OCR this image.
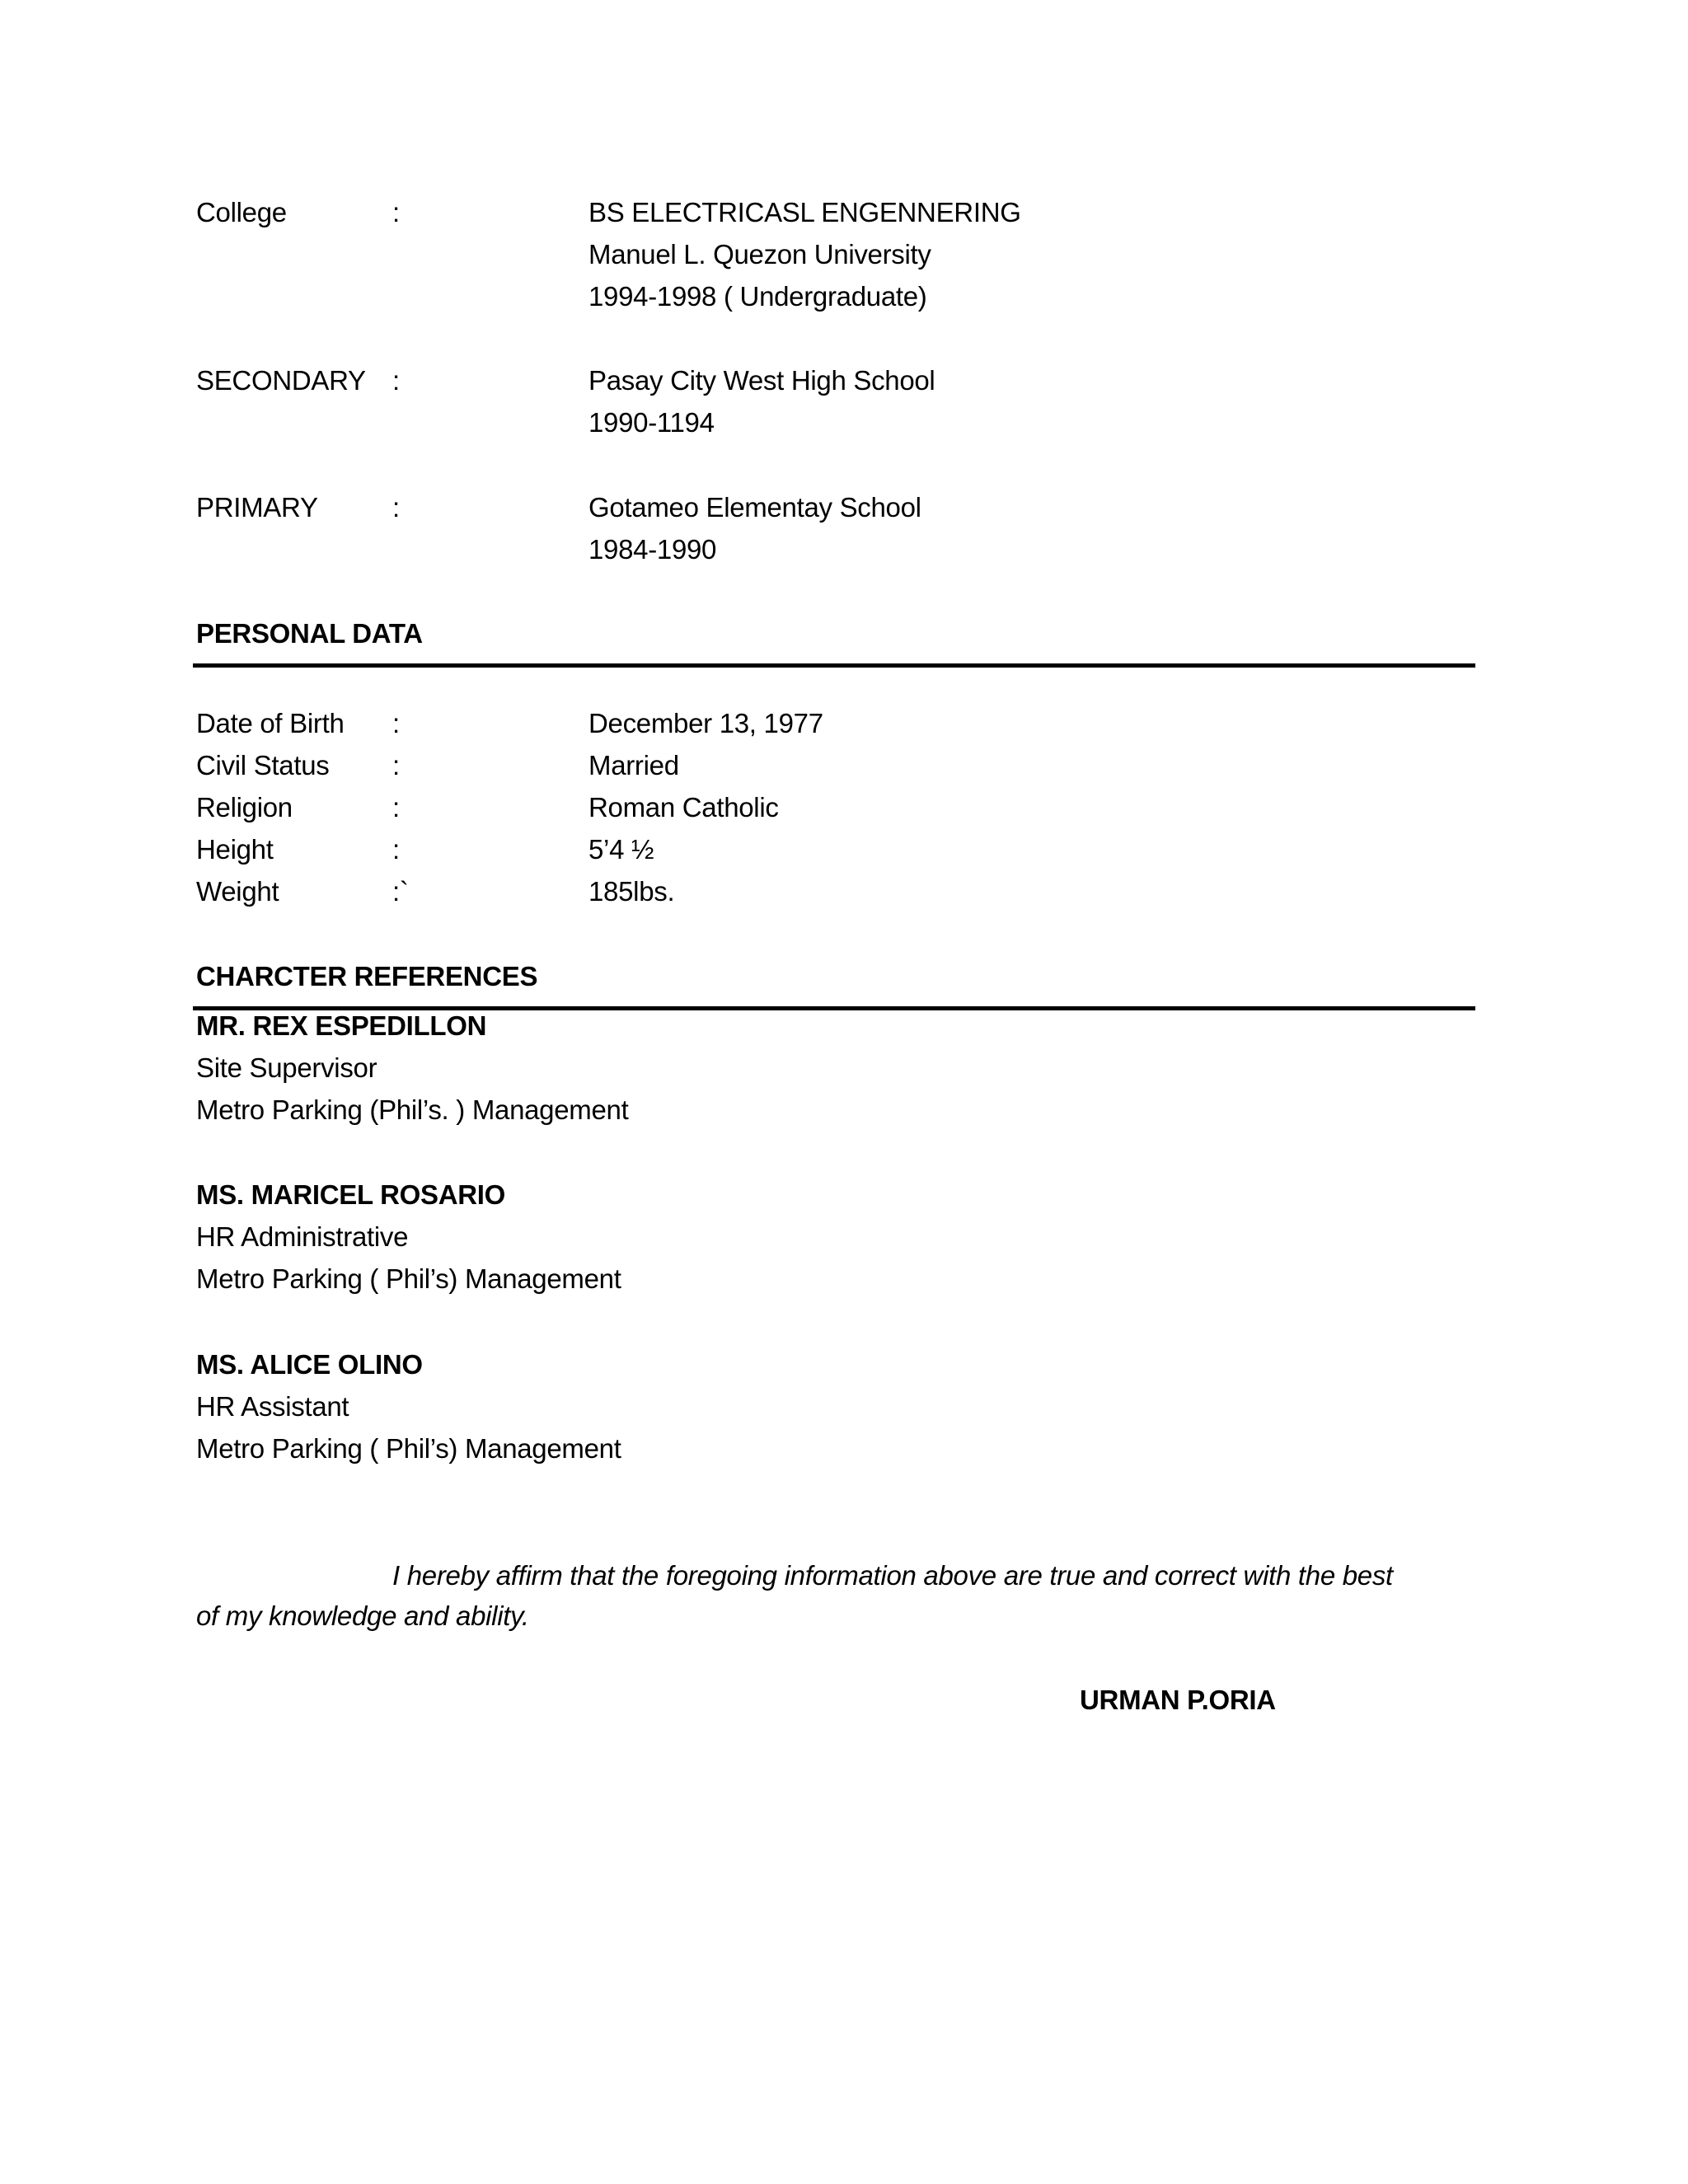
College	:	BS ELECTRICASL ENGENNERING
Manuel L. Quezon University
1994-1998 ( Undergraduate)
SECONDARY :	Pasay City West High School
1990-1194
PRIMARY	:	Gotameo Elementay School
1984-1990
PERSONAL DATA
Date of Birth :	December 13, 1977
Civil Status :	Married
Religion	:	Roman Catholic
Height	:	5’4 ½
Weight	:`	185lbs.
CHARCTER REFERENCES
MR. REX ESPEDILLON
Site Supervisor
Metro Parking (Phil’s. ) Management
MS. MARICEL ROSARIO
HR Administrative
Metro Parking ( Phil’s) Management
MS. ALICE OLINO
HR Assistant
Metro Parking ( Phil’s) Management
I hereby affirm that the foregoing information above are true and correct with the best
of my knowledge and ability.
URMAN P.ORIA
